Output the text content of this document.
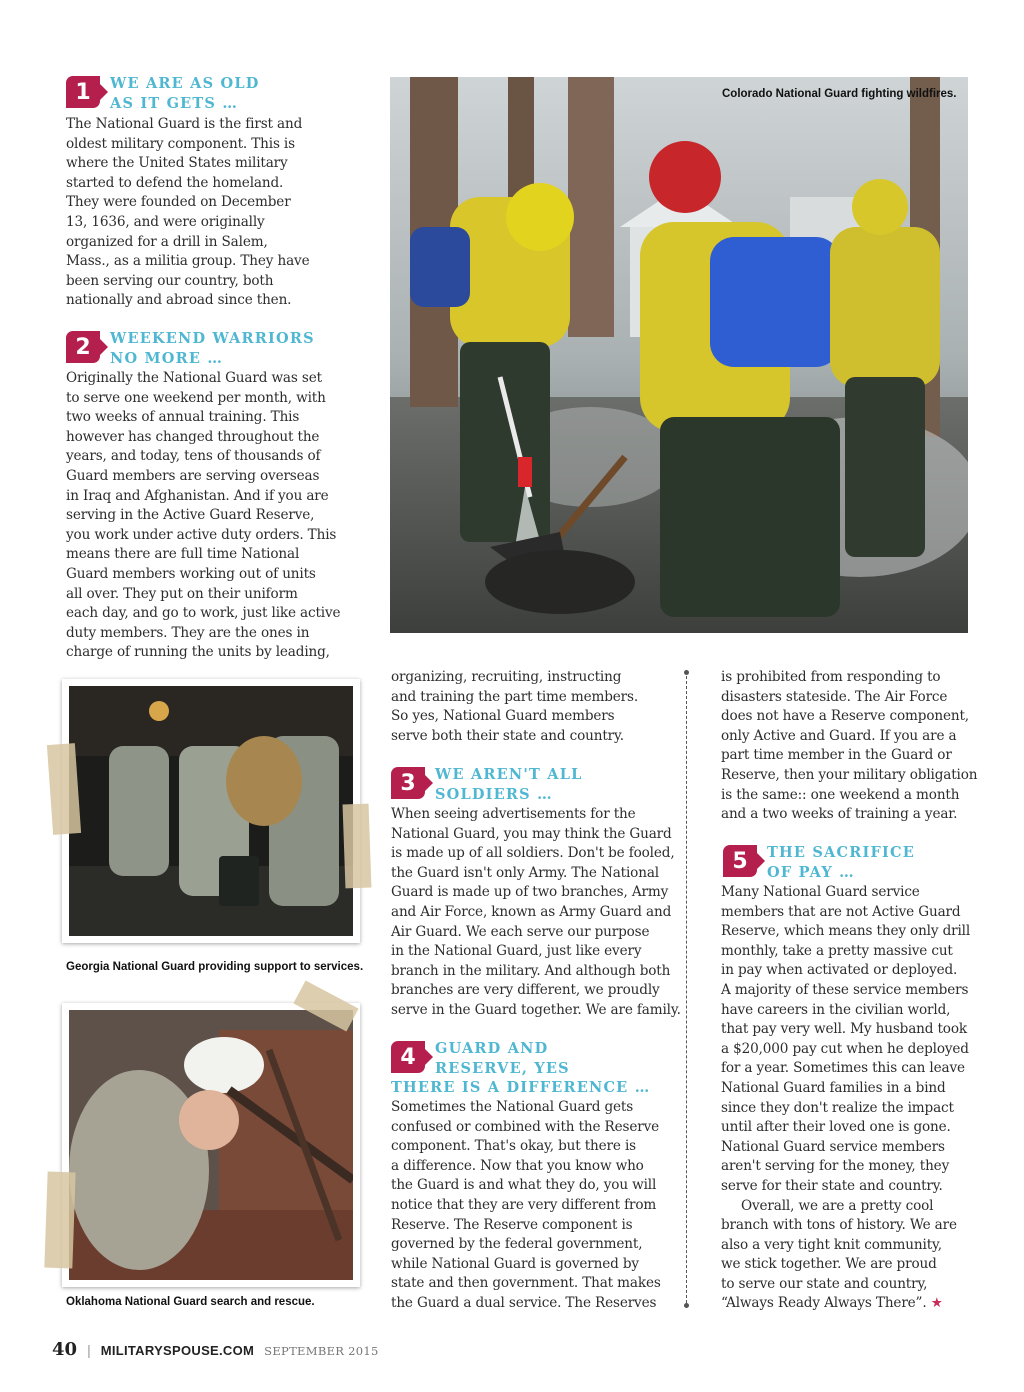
1	WE ARE AS OLD
AS IT GETS …

The National Guard is the first and

oldest military component. This is

where the United States military

started to defend the homeland.

They were founded on December

13, 1636, and were originally

organized for a drill in Salem,

Mass., as a militia group. They have

been serving our country, both

nationally and abroad since then.

2	WEEKEND WARRIORS
NO MORE …

Originally the National Guard was set

to serve one weekend per month, with

two weeks of annual training. This

however has changed throughout the

years, and today, tens of thousands of

Guard members are serving overseas

in Iraq and Afghanistan. And if you are

serving in the Active Guard Reserve,

you work under active duty orders. This

means there are full time National

Guard members working out of units

all over. They put on their uniform

each day, and go to work, just like active

duty members. They are the ones in

charge of running the units by leading,

Colorado National Guard fighting wildfires.
Georgia National Guard providing support to services.
Oklahoma National Guard search and rescue.

organizing, recruiting, instructing

and training the part time members.

So yes, National Guard members

serve both their state and country.

3	WE AREN'T ALL
SOLDIERS …

When seeing advertisements for the

National Guard, you may think the Guard

is made up of all soldiers. Don't be fooled,

the Guard isn't only Army. The National

Guard is made up of two branches, Army

and Air Force, known as Army Guard and

Air Guard. We each serve our purpose

in the National Guard, just like every

branch in the military. And although both

branches are very different, we proudly

serve in the Guard together. We are family.

4	GUARD AND
RESERVE, YES
THERE IS A DIFFERENCE …

Sometimes the National Guard gets

confused or combined with the Reserve

component. That's okay, but there is

a difference. Now that you know who

the Guard is and what they do, you will

notice that they are very different from

Reserve. The Reserve component is

governed by the federal government,

while National Guard is governed by

state and then government. That makes

the Guard a dual service. The Reserves

is prohibited from responding to

disasters stateside. The Air Force

does not have a Reserve component,

only Active and Guard. If you are a

part time member in the Guard or

Reserve, then your military obligation

is the same:: one weekend a month

and a two weeks of training a year.

5	THE SACRIFICE
OF PAY …

Many National Guard service

members that are not Active Guard

Reserve, which means they only drill

monthly, take a pretty massive cut

in pay when activated or deployed.

A majority of these service members

have careers in the civilian world,

that pay very well. My husband took

a $20,000 pay cut when he deployed

for a year. Sometimes this can leave

National Guard families in a bind

since they don't realize the impact

until after their loved one is gone.

National Guard service members

aren't serving for the money, they

serve for their state and country.

Overall, we are a pretty cool

branch with tons of history. We are

also a very tight knit community,

we stick together. We are proud

to serve our state and country,

“Always Ready Always There”. ★

40 | MILITARYSPOUSE.COM SEPTEMBER 2015
